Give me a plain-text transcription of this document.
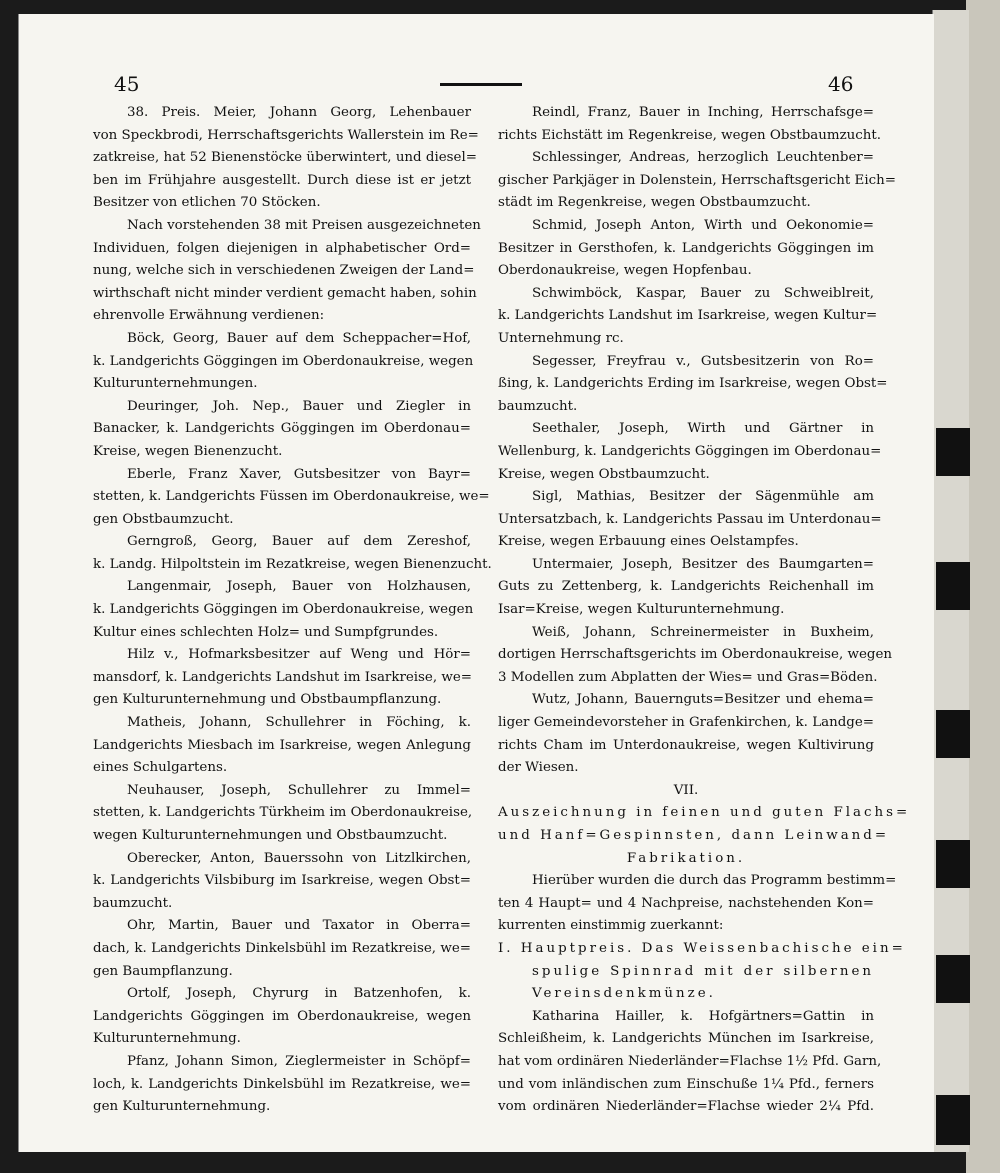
45	46

38. Preis. Meier, Johann Georg, Lehenbauer

von Speckbrodi, Herrschaftsgerichts Wallerstein im Re=

zatkreise, hat 52 Bienenstöcke überwintert, und diesel=

ben im Frühjahre ausgestellt. Durch diese ist er jetzt

Besitzer von etlichen 70 Stöcken.

Nach vorstehenden 38 mit Preisen ausgezeichneten

Individuen, folgen diejenigen in alphabetischer Ord=

nung, welche sich in verschiedenen Zweigen der Land=

wirthschaft nicht minder verdient gemacht haben, sohin

ehrenvolle Erwähnung verdienen:

Böck, Georg, Bauer auf dem Scheppacher=Hof,

k. Landgerichts Göggingen im Oberdonaukreise, wegen

Kulturunternehmungen.

Deuringer, Joh. Nep., Bauer und Ziegler in

Banacker, k. Landgerichts Göggingen im Oberdonau=

Kreise, wegen Bienenzucht.

Eberle, Franz Xaver, Gutsbesitzer von Bayr=

stetten, k. Landgerichts Füssen im Oberdonaukreise, we=

gen Obstbaumzucht.

Gerngroß, Georg, Bauer auf dem Zereshof,

k. Landg. Hilpoltstein im Rezatkreise, wegen Bienenzucht.

Langenmair, Joseph, Bauer von Holzhausen,

k. Landgerichts Göggingen im Oberdonaukreise, wegen

Kultur eines schlechten Holz= und Sumpfgrundes.

Hilz v., Hofmarksbesitzer auf Weng und Hör=

mansdorf, k. Landgerichts Landshut im Isarkreise, we=

gen Kulturunternehmung und Obstbaumpflanzung.

Matheis, Johann, Schullehrer in Föching, k.

Landgerichts Miesbach im Isarkreise, wegen Anlegung

eines Schulgartens.

Neuhauser, Joseph, Schullehrer zu Immel=

stetten, k. Landgerichts Türkheim im Oberdonaukreise,

wegen Kulturunternehmungen und Obstbaumzucht.

Oberecker, Anton, Bauerssohn von Litzlkirchen,

k. Landgerichts Vilsbiburg im Isarkreise, wegen Obst=

baumzucht.

Ohr, Martin, Bauer und Taxator in Oberra=

dach, k. Landgerichts Dinkelsbühl im Rezatkreise, we=

gen Baumpflanzung.

Ortolf, Joseph, Chyrurg in Batzenhofen, k.

Landgerichts Göggingen im Oberdonaukreise, wegen

Kulturunternehmung.

Pfanz, Johann Simon, Zieglermeister in Schöpf=

loch, k. Landgerichts Dinkelsbühl im Rezatkreise, we=

gen Kulturunternehmung.

Reindl, Franz, Bauer in Inching, Herrschafsge=

richts Eichstätt im Regenkreise, wegen Obstbaumzucht.

Schlessinger, Andreas, herzoglich Leuchtenber=

gischer Parkjäger in Dolenstein, Herrschaftsgericht Eich=

städt im Regenkreise, wegen Obstbaumzucht.

Schmid, Joseph Anton, Wirth und Oekonomie=

Besitzer in Gersthofen, k. Landgerichts Göggingen im

Oberdonaukreise, wegen Hopfenbau.

Schwimböck, Kaspar, Bauer zu Schweiblreit,

k. Landgerichts Landshut im Isarkreise, wegen Kultur=

Unternehmung rc.

Segesser, Freyfrau v., Gutsbesitzerin von Ro=

ßing, k. Landgerichts Erding im Isarkreise, wegen Obst=

baumzucht.

Seethaler, Joseph, Wirth und Gärtner in

Wellenburg, k. Landgerichts Göggingen im Oberdonau=

Kreise, wegen Obstbaumzucht.

Sigl, Mathias, Besitzer der Sägenmühle am

Untersatzbach, k. Landgerichts Passau im Unterdonau=

Kreise, wegen Erbauung eines Oelstampfes.

Untermaier, Joseph, Besitzer des Baumgarten=

Guts zu Zettenberg, k. Landgerichts Reichenhall im

Isar=Kreise, wegen Kulturunternehmung.

Weiß, Johann, Schreinermeister in Buxheim,

dortigen Herrschaftsgerichts im Oberdonaukreise, wegen

3 Modellen zum Abplatten der Wies= und Gras=Böden.

Wutz, Johann, Bauernguts=Besitzer und ehema=

liger Gemeindevorsteher in Grafenkirchen, k. Landge=

richts Cham im Unterdonaukreise, wegen Kultivirung

der Wiesen.

VII.

Auszeichnung in feinen und guten Flachs=

und Hanf=Gespinnsten, dann Leinwand=

Fabrikation.

Hierüber wurden die durch das Programm bestimm=

ten 4 Haupt= und 4 Nachpreise, nachstehenden Kon=

kurrenten einstimmig zuerkannt:

I. Hauptpreis. Das Weissenbachische ein=

spulige Spinnrad mit der silbernen

Vereinsdenkmünze.

Katharina Hailler, k. Hofgärtners=Gattin in

Schleißheim, k. Landgerichts München im Isarkreise,

hat vom ordinären Niederländer=Flachse 1½ Pfd. Garn,

und vom inländischen zum Einschuße 1¼ Pfd., ferners

vom ordinären Niederländer=Flachse wieder 2¼ Pfd.
